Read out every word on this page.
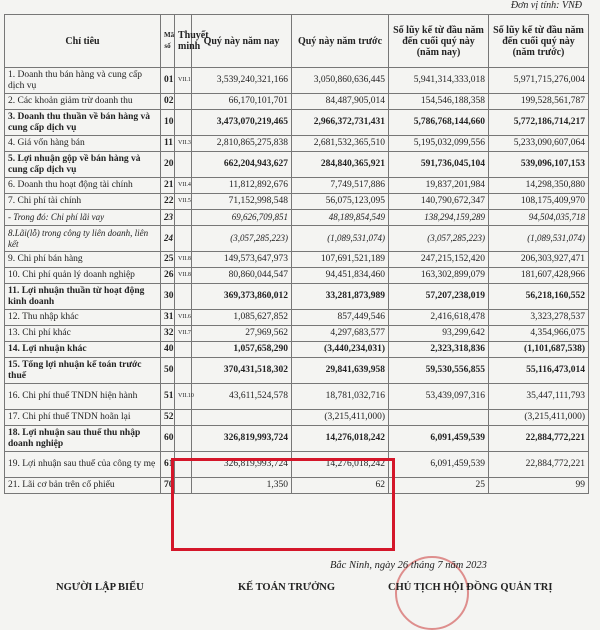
Đơn vị tính: VNĐ
Chỉ tiêu	Mã số	Thuyết minh	Quý này năm nay	Quý này năm trước	Số lũy kế từ đầu năm đến cuối quý này (năm nay)	Số lũy kế từ đầu năm đến cuối quý này (năm trước)
1. Doanh thu bán hàng và cung cấp dịch vụ	01	VII.1	3,539,240,321,166	3,050,860,636,445	5,941,314,333,018	5,971,715,276,004
2. Các khoản giảm trừ doanh thu	02		66,170,101,701	84,487,905,014	154,546,188,358	199,528,561,787
3. Doanh thu thuần về bán hàng và cung cấp dịch vụ	10		3,473,070,219,465	2,966,372,731,431	5,786,768,144,660	5,772,186,714,217
4. Giá vốn hàng bán	11	VII.3	2,810,865,275,838	2,681,532,365,510	5,195,032,099,556	5,233,090,607,064
5. Lợi nhuận gộp về bán hàng và cung cấp dịch vụ	20		662,204,943,627	284,840,365,921	591,736,045,104	539,096,107,153
6. Doanh thu hoạt động tài chính	21	VII.4	11,812,892,676	7,749,517,886	19,837,201,984	14,298,350,880
7. Chi phí tài chính	22	VII.5	71,152,998,548	56,075,123,095	140,790,672,347	108,175,409,970
- Trong đó: Chi phí lãi vay	23		69,626,709,851	48,189,854,549	138,294,159,289	94,504,035,718
8.Lãi(lỗ) trong công ty liên doanh, liên kết	24		(3,057,285,223)	(1,089,531,074)	(3,057,285,223)	(1,089,531,074)
9. Chi phí bán hàng	25	VII.8	149,573,647,973	107,691,521,189	247,215,152,420	206,303,927,471
10. Chi phí quản lý doanh nghiệp	26	VII.8	80,860,044,547	94,451,834,460	163,302,899,079	181,607,428,966
11. Lợi nhuận thuần từ hoạt động kinh doanh	30		369,373,860,012	33,281,873,989	57,207,238,019	56,218,160,552
12. Thu nhập khác	31	VII.6	1,085,627,852	857,449,546	2,416,618,478	3,323,278,537
13. Chi phí khác	32	VII.7	27,969,562	4,297,683,577	93,299,642	4,354,966,075
14. Lợi nhuận khác	40		1,057,658,290	(3,440,234,031)	2,323,318,836	(1,101,687,538)
15. Tổng lợi nhuận kế toán trước thuế	50		370,431,518,302	29,841,639,958	59,530,556,855	55,116,473,014
16. Chi phí thuế TNDN hiện hành	51	VII.10	43,611,524,578	18,781,032,716	53,439,097,316	35,447,111,793
17. Chi phí thuế TNDN hoãn lại	52			(3,215,411,000)		(3,215,411,000)
18. Lợi nhuận sau thuế thu nhập doanh nghiệp	60		326,819,993,724	14,276,018,242	6,091,459,539	22,884,772,221
19. Lợi nhuận sau thuế của công ty mẹ	61		326,819,993,724	14,276,018,242	6,091,459,539	22,884,772,221
21. Lãi cơ bản trên cổ phiếu	70		1,350	62	25	99
Bắc Ninh, ngày 26 tháng 7 năm 2023
NGƯỜI LẬP BIỂU	KẾ TOÁN TRƯỞNG	CHỦ TỊCH HỘI ĐỒNG QUẢN TRỊ
